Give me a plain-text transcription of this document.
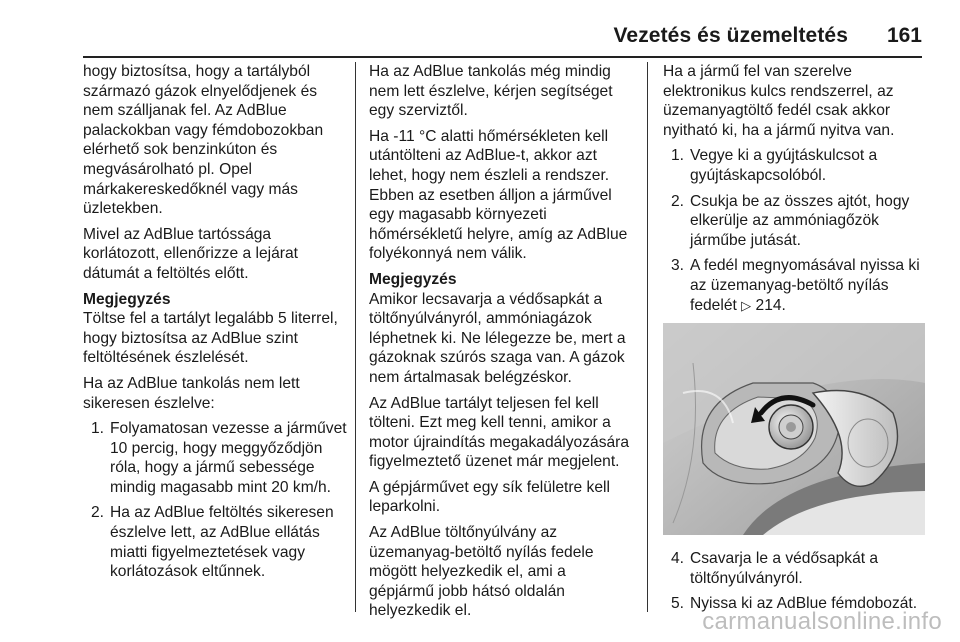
Vezetés és üzemeltetés 161

hogy biztosítsa, hogy a tartályból származó gázok elnyelődjenek és nem szálljanak fel. Az AdBlue palackokban vagy fémdobozokban elérhető sok benzinkúton és megvásárolható pl. Opel márkakereskedőknél vagy más üzletekben.

Mivel az AdBlue tartóssága korlátozott, ellenőrizze a lejárat dátumát a feltöltés előtt.

Megjegyzés
Töltse fel a tartályt legalább 5 literrel, hogy biztosítsa az AdBlue szint feltöltésének észlelését.

Ha az AdBlue tankolás nem lett sikeresen észlelve:

1. Folyamatosan vezesse a járművet 10 percig, hogy meggyőződjön róla, hogy a jármű sebessége mindig magasabb mint 20 km/h.
2. Ha az AdBlue feltöltés sikeresen észlelve lett, az AdBlue ellátás miatti figyelmeztetések vagy korlátozások eltűnnek.

Ha az AdBlue tankolás még mindig nem lett észlelve, kérjen segítséget egy szerviztől.

Ha -11 °C alatti hőmérsékleten kell utántölteni az AdBlue-t, akkor azt lehet, hogy nem észleli a rendszer. Ebben az esetben álljon a járművel egy magasabb környezeti hőmérsékletű helyre, amíg az AdBlue folyékonnyá nem válik.

Megjegyzés
Amikor lecsavarja a védősapkát a töltőnyúlványról, ammóniagázok léphetnek ki. Ne lélegezze be, mert a gázoknak szúrós szaga van. A gázok nem ártalmasak belégzéskor.

Az AdBlue tartályt teljesen fel kell tölteni. Ezt meg kell tenni, amikor a motor újraindítás megakadályozására figyelmeztető üzenet már megjelent.

A gépjárművet egy sík felületre kell leparkolni.

Az AdBlue töltőnyúlvány az üzemanyag-betöltő nyílás fedele mögött helyezkedik el, ami a gépjármű jobb hátsó oldalán helyezkedik el.

Ha a jármű fel van szerelve elektronikus kulcs rendszerrel, az üzemanyagtöltő fedél csak akkor nyitható ki, ha a jármű nyitva van.

1. Vegye ki a gyújtáskulcsot a gyújtáskapcsolóból.
2. Csukja be az összes ajtót, hogy elkerülje az ammóniagőzök járműbe jutását.
3. A fedél megnyomásával nyissa ki az üzemanyag-betöltő nyílás fedelét ▷ 214.
4. Csavarja le a védősapkát a töltőnyúlványról.
5. Nyissa ki az AdBlue fémdobozát.
carmanualsonline.info
